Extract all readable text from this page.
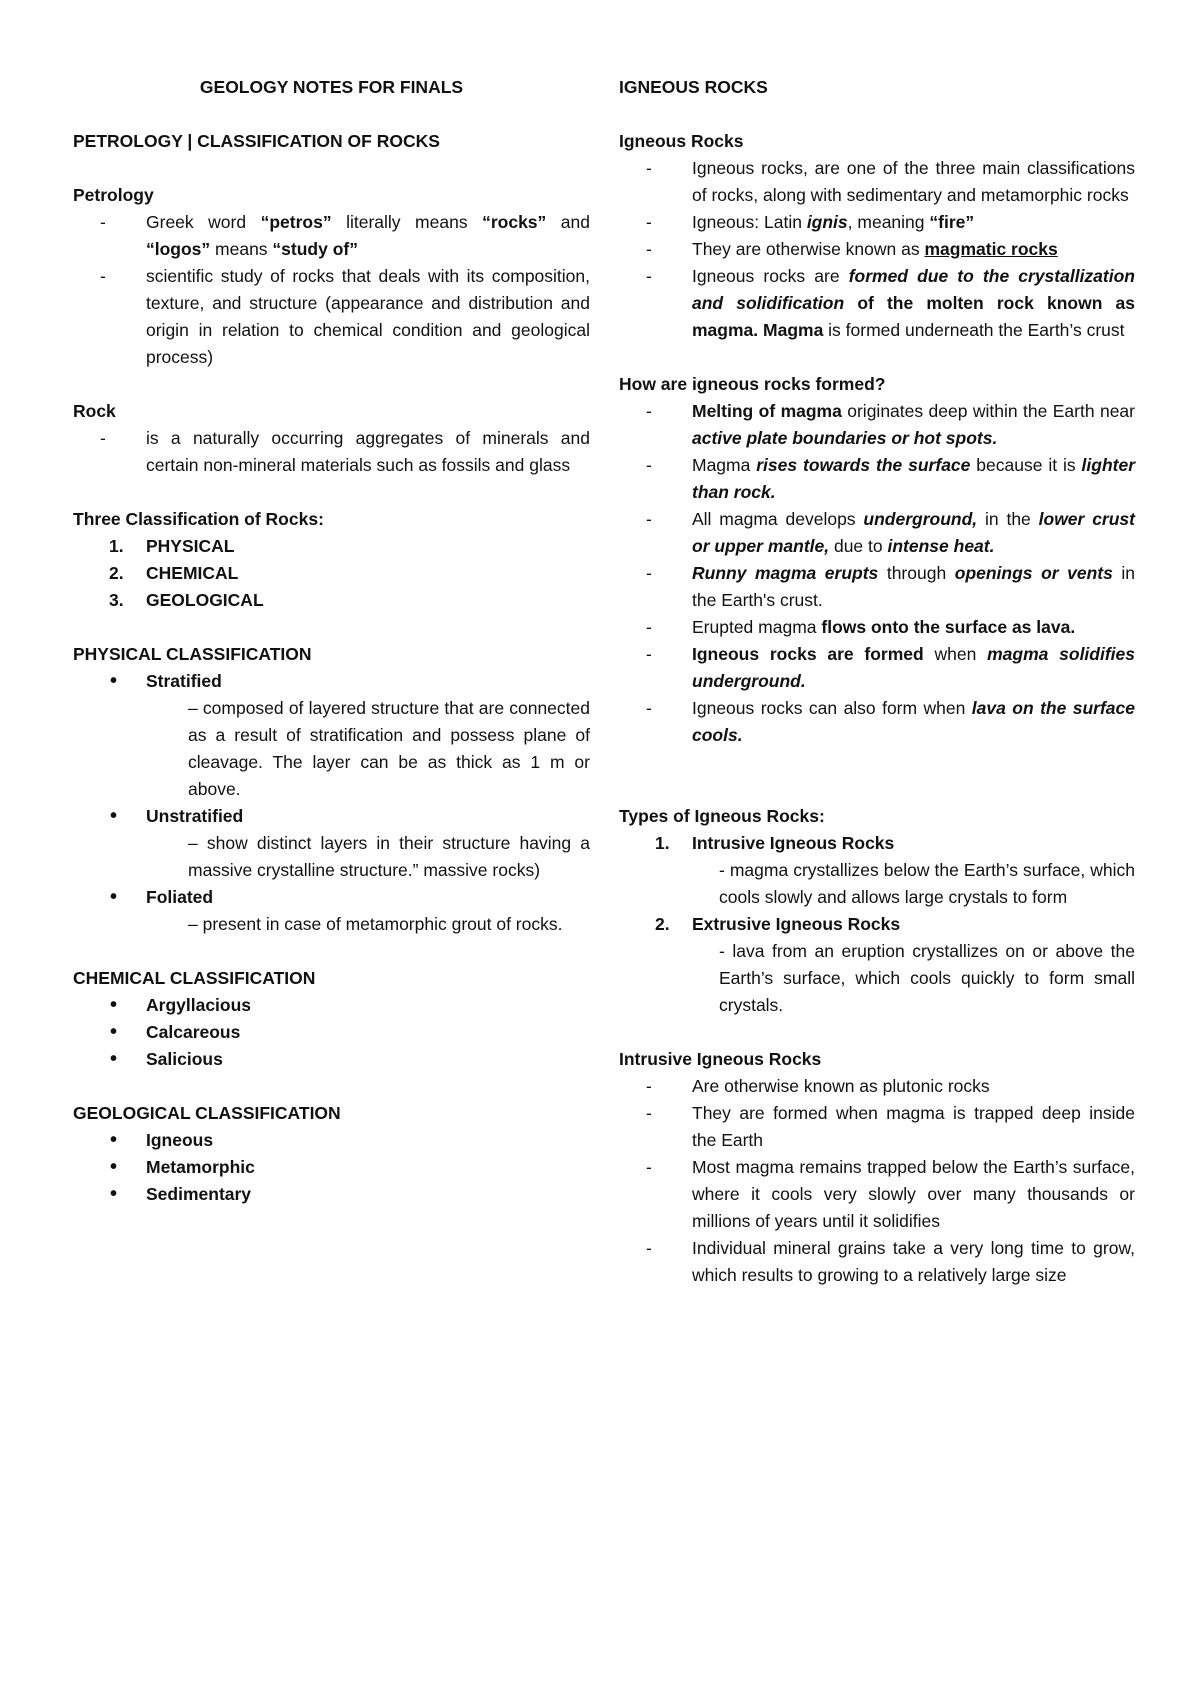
GEOLOGY NOTES FOR FINALS
PETROLOGY | CLASSIFICATION OF ROCKS
Petrology
- Greek word “petros” literally means “rocks” and “logos” means “study of”
- scientific study of rocks that deals with its composition, texture, and structure (appearance and distribution and origin in relation to chemical condition and geological process)
Rock
- is a naturally occurring aggregates of minerals and certain non-mineral materials such as fossils and glass
Three Classification of Rocks:
1. PHYSICAL
2. CHEMICAL
3. GEOLOGICAL
PHYSICAL CLASSIFICATION
• Stratified
– composed of layered structure that are connected as a result of stratification and possess plane of cleavage. The layer can be as thick as 1 m or above.
• Unstratified
– show distinct layers in their structure having a massive crystalline structure.” massive rocks)
• Foliated
– present in case of metamorphic grout of rocks.
CHEMICAL CLASSIFICATION
• Argyllacious
• Calcareous
• Salicious
GEOLOGICAL CLASSIFICATION
• Igneous
• Metamorphic
• Sedimentary
IGNEOUS ROCKS
Igneous Rocks
- Igneous rocks, are one of the three main classifications of rocks, along with sedimentary and metamorphic rocks
- Igneous: Latin ignis, meaning “fire”
- They are otherwise known as magmatic rocks
- Igneous rocks are formed due to the crystallization and solidification of the molten rock known as magma. Magma is formed underneath the Earth’s crust
How are igneous rocks formed?
- Melting of magma originates deep within the Earth near active plate boundaries or hot spots.
- Magma rises towards the surface because it is lighter than rock.
- All magma develops underground, in the lower crust or upper mantle, due to intense heat.
- Runny magma erupts through openings or vents in the Earth's crust.
- Erupted magma flows onto the surface as lava.
- Igneous rocks are formed when magma solidifies underground.
- Igneous rocks can also form when lava on the surface cools.
Types of Igneous Rocks:
1. Intrusive Igneous Rocks
- magma crystallizes below the Earth’s surface, which cools slowly and allows large crystals to form
2. Extrusive Igneous Rocks
- lava from an eruption crystallizes on or above the Earth’s surface, which cools quickly to form small crystals.
Intrusive Igneous Rocks
- Are otherwise known as plutonic rocks
- They are formed when magma is trapped deep inside the Earth
- Most magma remains trapped below the Earth’s surface, where it cools very slowly over many thousands or millions of years until it solidifies
- Individual mineral grains take a very long time to grow, which results to growing to a relatively large size
